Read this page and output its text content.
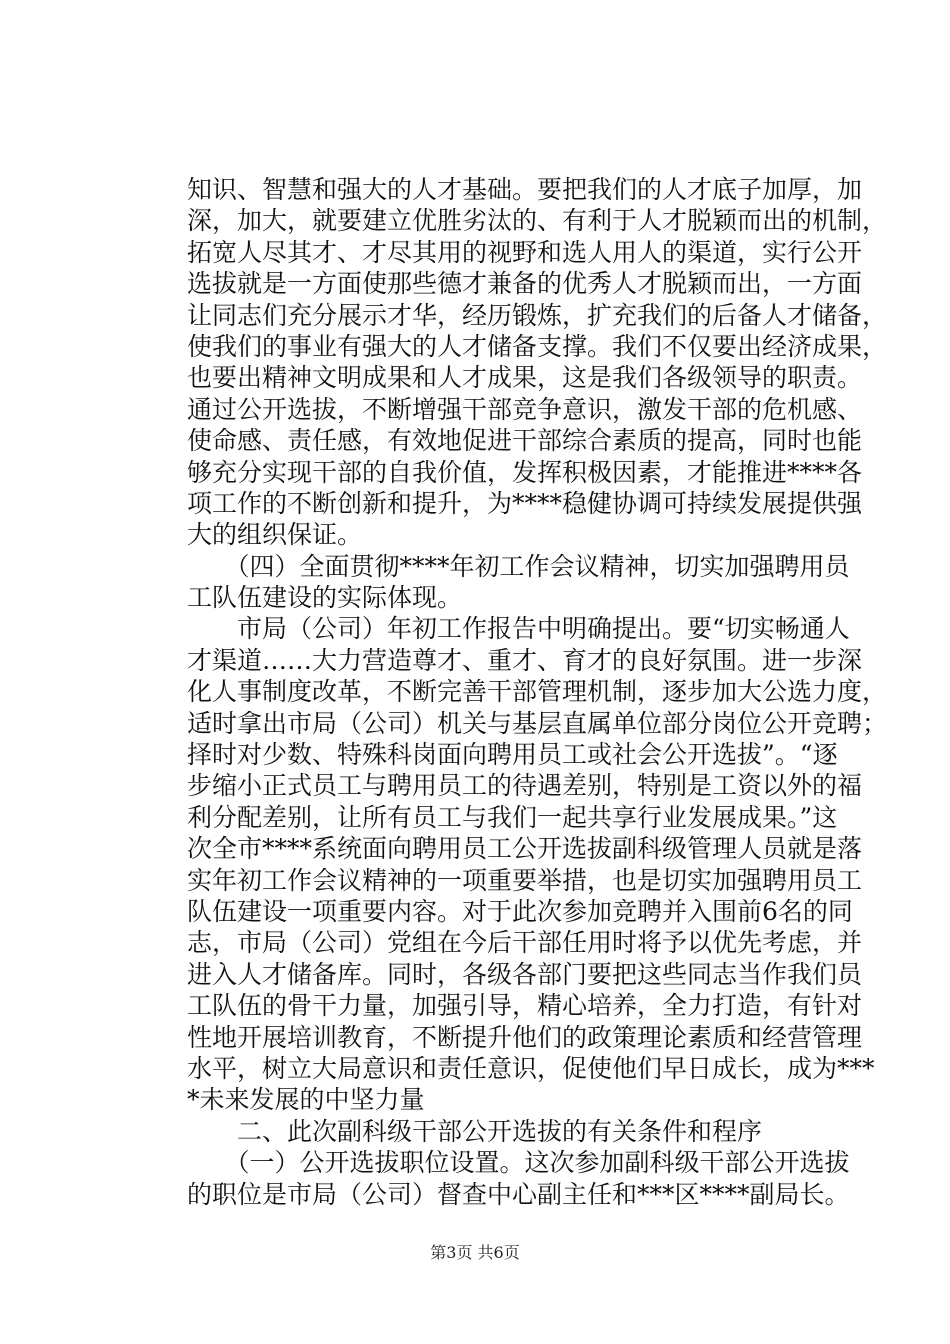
知识、智慧和强大的人才基础。要把我们的人才底子加厚，加
深，加大，就要建立优胜劣汰的、有利于人才脱颖而出的机制，
拓宽人尽其才、才尽其用的视野和选人用人的渠道，实行公开
选拔就是一方面使那些德才兼备的优秀人才脱颖而出，一方面
让同志们充分展示才华，经历锻炼，扩充我们的后备人才储备，
使我们的事业有强大的人才储备支撑。我们不仅要出经济成果，
也要出精神文明成果和人才成果，这是我们各级领导的职责。
通过公开选拔，不断增强干部竞争意识，激发干部的危机感、
使命感、责任感，有效地促进干部综合素质的提高，同时也能
够充分实现干部的自我价值，发挥积极因素，才能推进****各
项工作的不断创新和提升，为****稳健协调可持续发展提供强
大的组织保证。
　　（四）全面贯彻****年初工作会议精神，切实加强聘用员
工队伍建设的实际体现。
　　市局（公司）年初工作报告中明确提出。要“切实畅通人
才渠道……大力营造尊才、重才、育才的良好氛围。进一步深
化人事制度改革，不断完善干部管理机制，逐步加大公选力度，
适时拿出市局（公司）机关与基层直属单位部分岗位公开竞聘；
择时对少数、特殊科岗面向聘用员工或社会公开选拔”。“逐
步缩小正式员工与聘用员工的待遇差别，特别是工资以外的福
利分配差别，让所有员工与我们一起共享行业发展成果。”这
次全市****系统面向聘用员工公开选拔副科级管理人员就是落
实年初工作会议精神的一项重要举措，也是切实加强聘用员工
队伍建设一项重要内容。对于此次参加竞聘并入围前6名的同
志，市局（公司）党组在今后干部任用时将予以优先考虑，并
进入人才储备库。同时，各级各部门要把这些同志当作我们员
工队伍的骨干力量，加强引导，精心培养，全力打造，有针对
性地开展培训教育，不断提升他们的政策理论素质和经营管理
水平，树立大局意识和责任意识，促使他们早日成长，成为***
*未来发展的中坚力量
　　二、此次副科级干部公开选拔的有关条件和程序
　　（一）公开选拔职位设置。这次参加副科级干部公开选拔
的职位是市局（公司）督查中心副主任和***区****副局长。
第3页 共6页
